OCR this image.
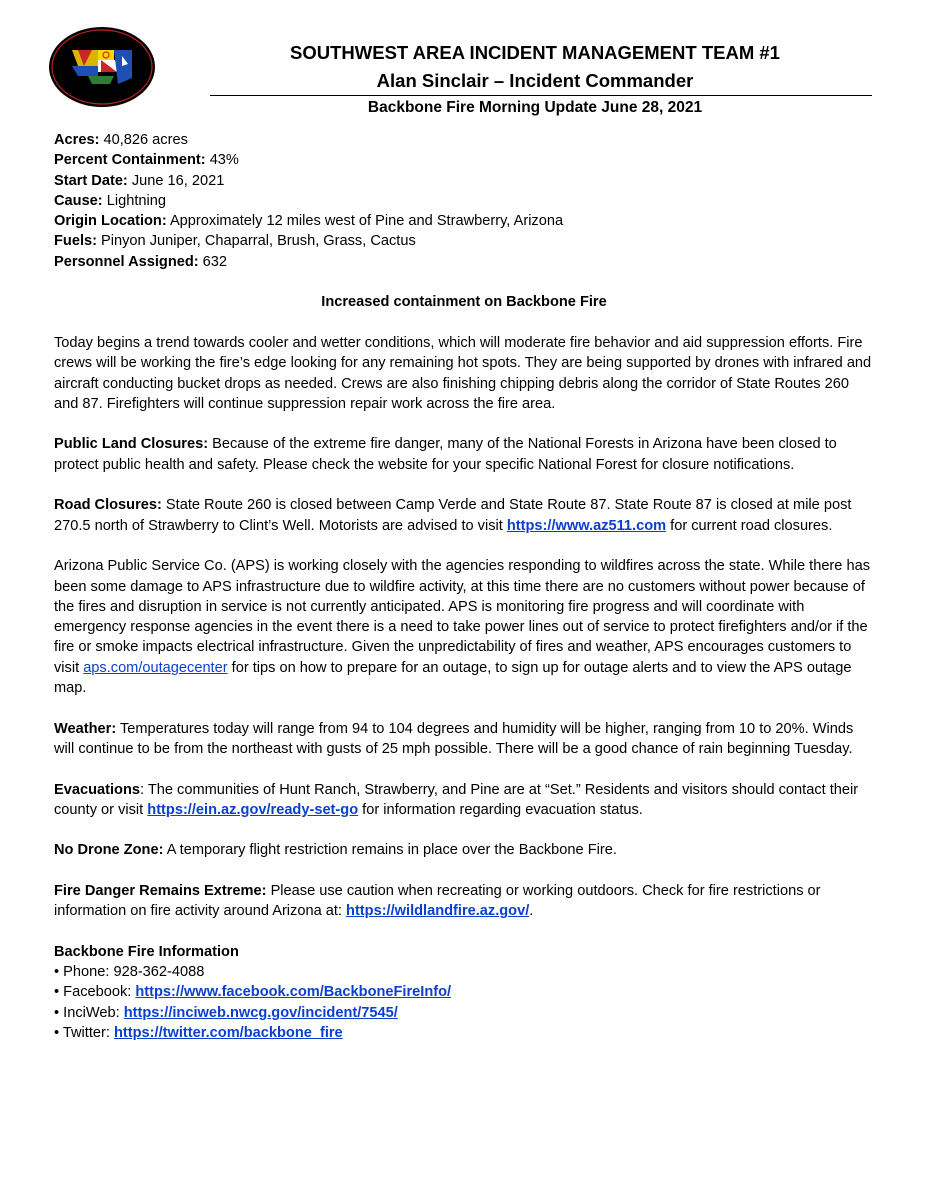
SOUTHWEST AREA INCIDENT MANAGEMENT TEAM #1
Alan Sinclair – Incident Commander
Backbone Fire Morning Update June 28, 2021

Acres: 40,826 acres

Percent Containment: 43%

Start Date: June 16, 2021

Cause: Lightning

Origin Location: Approximately 12 miles west of Pine and Strawberry, Arizona

Fuels: Pinyon Juniper, Chaparral, Brush, Grass, Cactus

Personnel Assigned: 632

Increased containment on Backbone Fire

Today begins a trend towards cooler and wetter conditions, which will moderate fire behavior and aid suppression efforts. Fire crews will be working the fire’s edge looking for any remaining hot spots. They are being supported by drones with infrared and aircraft conducting bucket drops as needed. Crews are also finishing chipping debris along the corridor of State Routes 260 and 87. Firefighters will continue suppression repair work across the fire area.

Public Land Closures: Because of the extreme fire danger, many of the National Forests in Arizona have been closed to protect public health and safety. Please check the website for your specific National Forest for closure notifications.

Road Closures: State Route 260 is closed between Camp Verde and State Route 87. State Route 87 is closed at mile post 270.5 north of Strawberry to Clint’s Well. Motorists are advised to visit https://www.az511.com for current road closures.

Arizona Public Service Co. (APS) is working closely with the agencies responding to wildfires across the state. While there has been some damage to APS infrastructure due to wildfire activity, at this time there are no customers without power because of the fires and disruption in service is not currently anticipated. APS is monitoring fire progress and will coordinate with emergency response agencies in the event there is a need to take power lines out of service to protect firefighters and/or if the fire or smoke impacts electrical infrastructure. Given the unpredictability of fires and weather, APS encourages customers to visit aps.com/outagecenter for tips on how to prepare for an outage, to sign up for outage alerts and to view the APS outage map.

Weather: Temperatures today will range from 94 to 104 degrees and humidity will be higher, ranging from 10 to 20%. Winds will continue to be from the northeast with gusts of 25 mph possible. There will be a good chance of rain beginning Tuesday.

Evacuations: The communities of Hunt Ranch, Strawberry, and Pine are at “Set.” Residents and visitors should contact their county or visit https://ein.az.gov/ready-set-go for information regarding evacuation status.

No Drone Zone: A temporary flight restriction remains in place over the Backbone Fire.

Fire Danger Remains Extreme: Please use caution when recreating or working outdoors. Check for fire restrictions or information on fire activity around Arizona at: https://wildlandfire.az.gov/.

Backbone Fire Information

• Phone: 928-362-4088

• Facebook: https://www.facebook.com/BackboneFireInfo/

• InciWeb: https://inciweb.nwcg.gov/incident/7545/

• Twitter: https://twitter.com/backbone_fire
